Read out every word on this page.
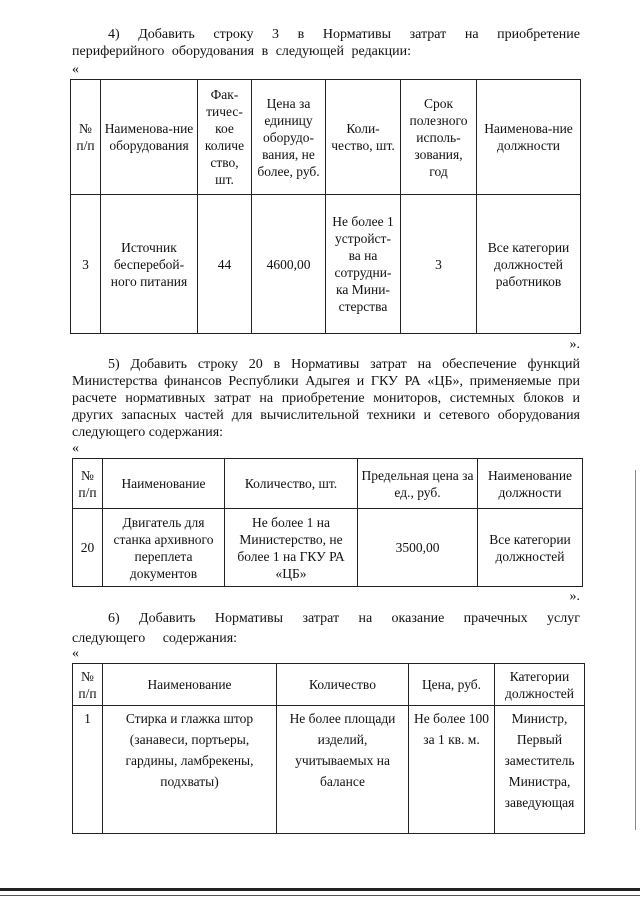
4) Добавить строку 3 в Нормативы затрат на приобретение периферийного оборудования в следующей редакции:
«
№ п/п	Наименова-ние оборудования	Фак-тичес-кое количе ство, шт.	Цена за единицу оборудо-вания, не более, руб.	Коли-чество, шт.	Срок полезного исполь-зования, год	Наименова-ние должности
3	Источник бесперебой-ного питания	44	4600,00	Не более 1 устройст-ва на сотрудни-ка Мини-стерства	3	Все категории должностей работников
».
5) Добавить строку 20 в Нормативы затрат на обеспечение функций Министерства финансов Республики Адыгея и ГКУ РА «ЦБ», применяемые при расчете нормативных затрат на приобретение мониторов, системных блоков и других запасных частей для вычислительной техники и сетевого оборудования следующего содержания:
«
№ п/п	Наименование	Количество, шт.	Предельная цена за ед., руб.	Наименование должности
20	Двигатель для станка архивного переплета документов	Не более 1 на Министерство, не более 1 на ГКУ РА «ЦБ»	3500,00	Все категории должностей
».
6) Добавить Нормативы затрат на оказание прачечных услуг следующего содержания:
«
№ п/п	Наименование	Количество	Цена, руб.	Категории должностей
1	Стирка и глажка штор (занавеси, портьеры, гардины, ламбрекены, подхваты)	Не более площади изделий, учитываемых на балансе	Не более 100 за 1 кв. м.	Министр, Первый заместитель Министра, заведующая
